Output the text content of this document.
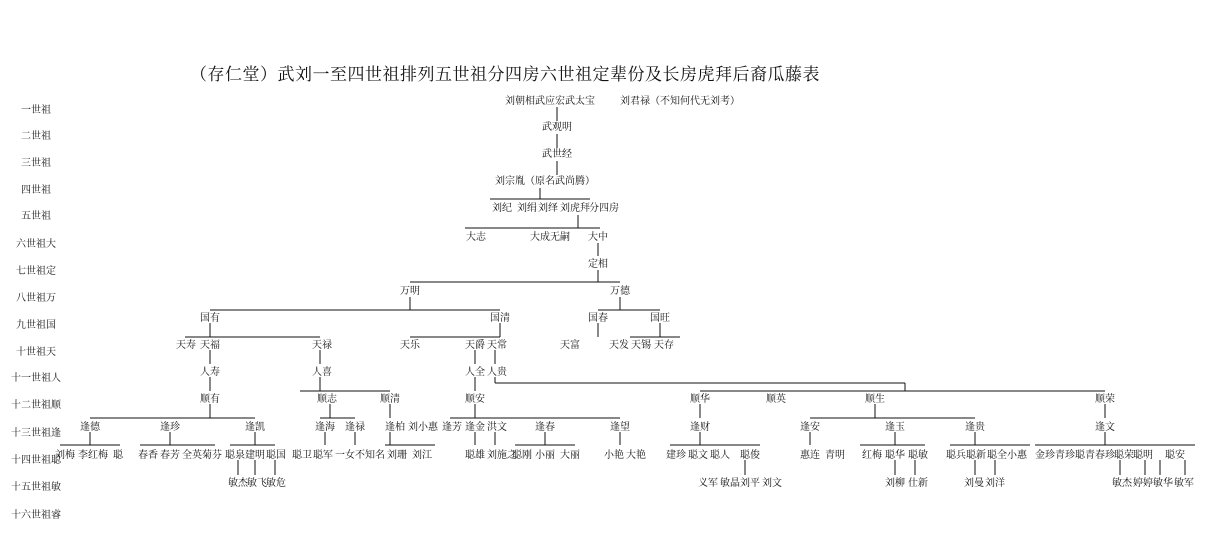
（存仁堂）武刘一至四世祖排列五世祖分四房六世祖定辈份及长房虎拜后裔瓜藤表
一世祖
二世祖
三世祖
四世祖
五世祖
六世祖大
七世祖定
八世祖万
九世祖国
十世祖天
十一世祖人
十二世祖顺
十三世祖逢
十四世祖聪
十五世祖敏
十六世祖睿
刘朝相武应宏武太宝	刘君禄（不知何代无刘考）
武观明
武世经
刘宗胤（原名武尚腾）
刘纪 刘绢 刘绎 刘虎拜 分四房
大志	大成无嗣 大中
定相
万明	万德
国有	国清	国春	国旺
天寿 天福	天禄	天乐	天爵 天常	天富	天发 天锡 天存
人寿	人喜	人全 人贵
顺有	顺志	顺清	顺安	顺华	顺英	顺生	顺荣
逢德	逢珍	逢凯	逢海 逢禄 逢柏 刘小惠 逢芳 逢金 洪文	逢春	逢望	逢财	逢安	逢玉	逢贵	逢文
刘梅 李红梅 聪 春香 春芳 全英 菊芬 聪泉 建明 聪国 聪卫 聪军 一女不知名 刘珊 刘江	聪雄 刘施之
聪刚 小丽 大丽 小艳 大艳 建珍 聪文 聪人 聪俊	惠连 青明 红梅 聪华 聪敏 聪兵 聪新 聪全 小惠 金珍 青珍 聪青 春珍 聪荣 聪明 聪安
敏杰 敏飞 敏危	义军 敏晶 刘平 刘文	刘柳 仕新	刘曼 刘洋	敏杰 婷婷 敏华 敏军
